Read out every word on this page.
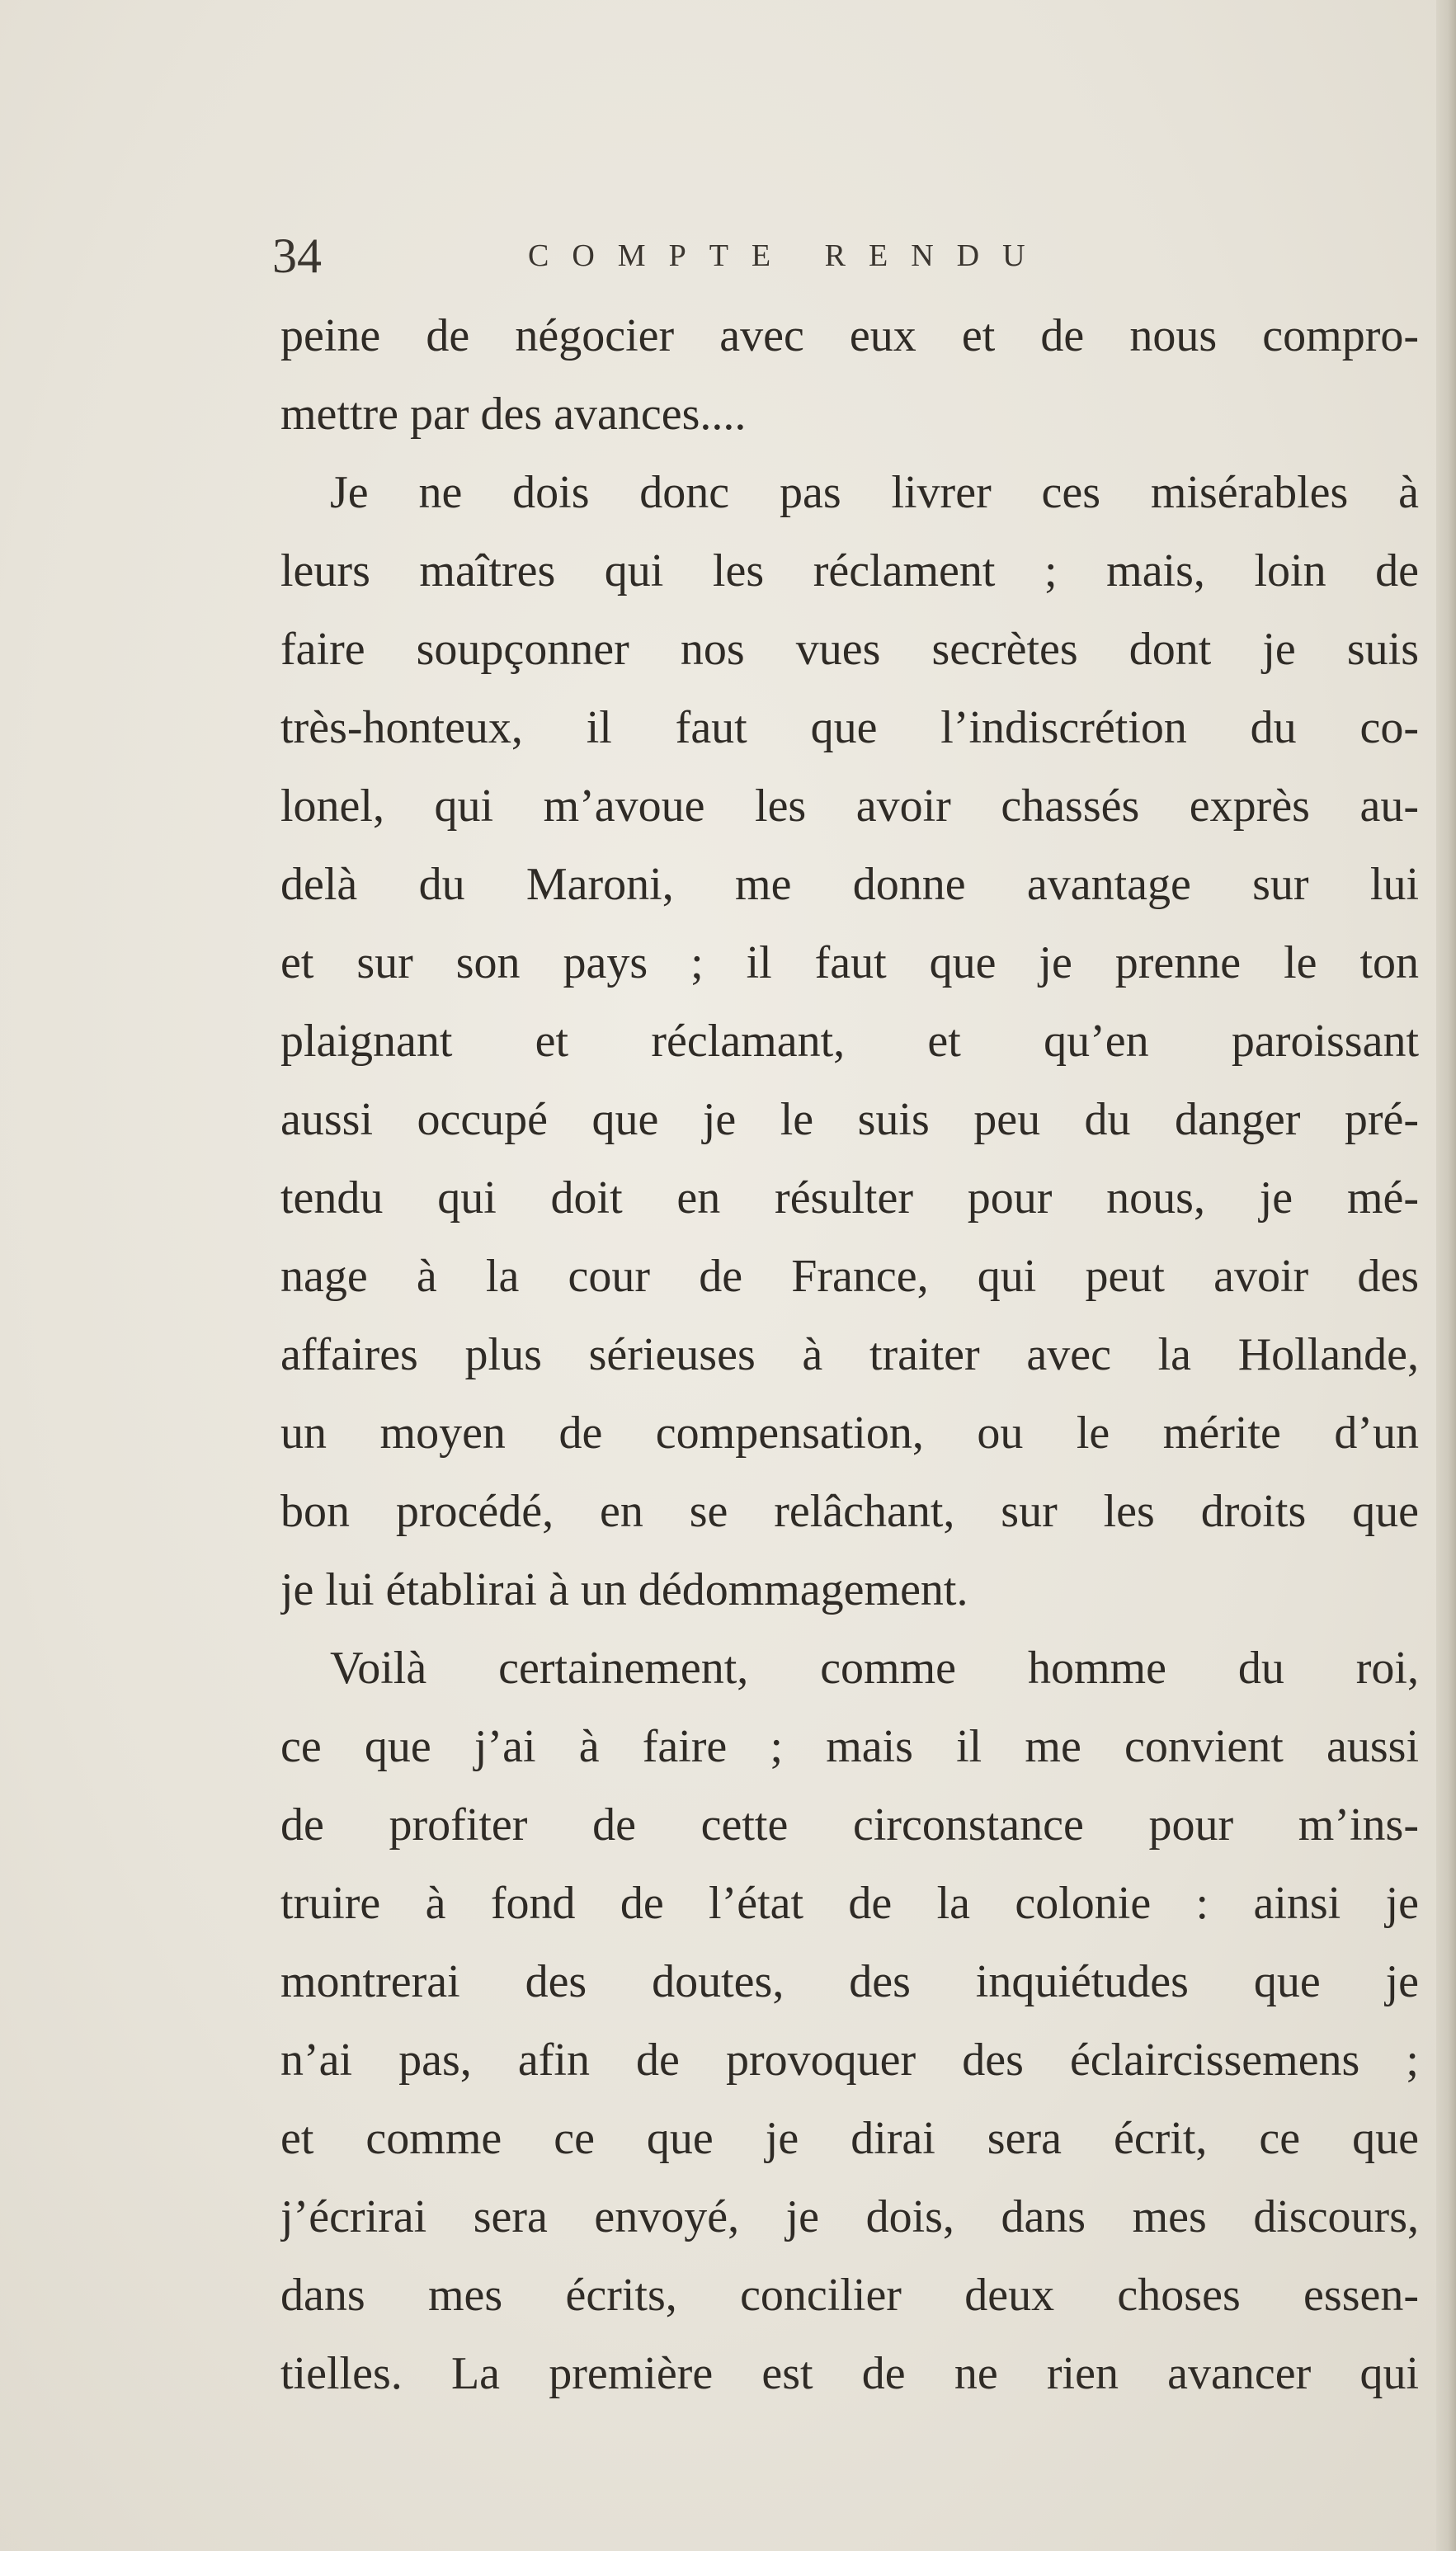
34	COMPTE RENDU
peine de négocier avec eux et de nous compro-
mettre par des avances....
Je ne dois donc pas livrer ces misérables à
leurs maîtres qui les réclament ; mais, loin de
faire soupçonner nos vues secrètes dont je suis
très-honteux, il faut que l’indiscrétion du co-
lonel, qui m’avoue les avoir chassés exprès au-
delà du Maroni, me donne avantage sur lui
et sur son pays ; il faut que je prenne le ton
plaignant et réclamant, et qu’en paroissant
aussi occupé que je le suis peu du danger pré-
tendu qui doit en résulter pour nous, je mé-
nage à la cour de France, qui peut avoir des
affaires plus sérieuses à traiter avec la Hollande,
un moyen de compensation, ou le mérite d’un
bon procédé, en se relâchant, sur les droits que
je lui établirai à un dédommagement.
Voilà certainement, comme homme du roi,
ce que j’ai à faire ; mais il me convient aussi
de profiter de cette circonstance pour m’ins-
truire à fond de l’état de la colonie : ainsi je
montrerai des doutes, des inquiétudes que je
n’ai pas, afin de provoquer des éclaircissemens ;
et comme ce que je dirai sera écrit, ce que
j’écrirai sera envoyé, je dois, dans mes discours,
dans mes écrits, concilier deux choses essen-
tielles. La première est de ne rien avancer qui
